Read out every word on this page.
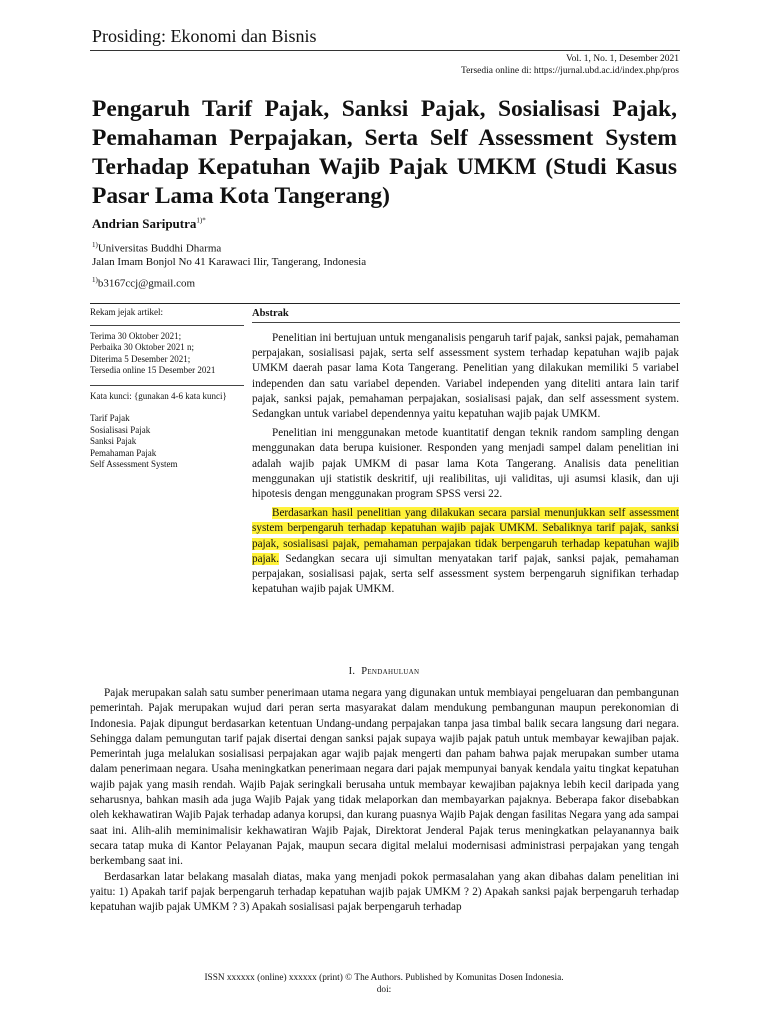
Prosiding: Ekonomi dan Bisnis
Vol. 1, No. 1, Desember 2021
Tersedia online di: https://jurnal.ubd.ac.id/index.php/pros
Pengaruh Tarif Pajak, Sanksi Pajak, Sosialisasi Pajak, Pemahaman Perpajakan, Serta Self Assessment System Terhadap Kepatuhan Wajib Pajak UMKM (Studi Kasus Pasar Lama Kota Tangerang)
Andrian Sariputra$^{1)*}$
$^{1)}$Universitas Buddhi Dharma
Jalan Imam Bonjol No 41 Karawaci Ilir, Tangerang, Indonesia
$^{1)}$b3167ccj@gmail.com

Rekam jejak artikel:

Terima 30 Oktober 2021;

Perbaika 30 Oktober 2021 n;

Diterima 5 Desember 2021;

Tersedia online 15 Desember 2021

Kata kunci: {gunakan 4-6 kata kunci}

Tarif Pajak

Sosialisasi Pajak

Sanksi Pajak

Pemahaman Pajak

Self Assessment System

Abstrak

Penelitian ini bertujuan untuk menganalisis pengaruh tarif pajak, sanksi pajak, pemahaman perpajakan, sosialisasi pajak, serta self assessment system terhadap kepatuhan wajib pajak UMKM daerah pasar lama Kota Tangerang. Penelitian yang dilakukan memiliki 5 variabel independen dan satu variabel dependen. Variabel independen yang diteliti antara lain tarif pajak, sanksi pajak, pemahaman perpajakan, sosialisasi pajak, dan self assessment system. Sedangkan untuk variabel dependennya yaitu kepatuhan wajib pajak UMKM.

Penelitian ini menggunakan metode kuantitatif dengan teknik random sampling dengan menggunakan data berupa kuisioner. Responden yang menjadi sampel dalam penelitian ini adalah wajib pajak UMKM di pasar lama Kota Tangerang. Analisis data penelitian menggunakan uji statistik deskritif, uji realibilitas, uji validitas, uji asumsi klasik, dan uji hipotesis dengan menggunakan program SPSS versi 22.

Berdasarkan hasil penelitian yang dilakukan secara parsial menunjukkan self assessment system berpengaruh terhadap kepatuhan wajib pajak UMKM. Sebaliknya tarif pajak, sanksi pajak, sosialisasi pajak, pemahaman perpajakan tidak berpengaruh terhadap kepatuhan wajib pajak. Sedangkan secara uji simultan menyatakan tarif pajak, sanksi pajak, pemahaman perpajakan, sosialisasi pajak, serta self assessment system berpengaruh signifikan terhadap kepatuhan wajib pajak UMKM.

I. Pendahuluan

Pajak merupakan salah satu sumber penerimaan utama negara yang digunakan untuk membiayai pengeluaran dan pembangunan pemerintah. Pajak merupakan wujud dari peran serta masyarakat dalam mendukung pembangunan maupun perekonomian di Indonesia. Pajak dipungut berdasarkan ketentuan Undang-undang perpajakan tanpa jasa timbal balik secara langsung dari negara. Sehingga dalam pemungutan tarif pajak disertai dengan sanksi pajak supaya wajib pajak patuh untuk membayar kewajiban pajak. Pemerintah juga melalukan sosialisasi perpajakan agar wajib pajak mengerti dan paham bahwa pajak merupakan sumber utama dalam penerimaan negara. Usaha meningkatkan penerimaan negara dari pajak mempunyai banyak kendala yaitu tingkat kepatuhan wajib pajak yang masih rendah. Wajib Pajak seringkali berusaha untuk membayar kewajiban pajaknya lebih kecil daripada yang seharusnya, bahkan masih ada juga Wajib Pajak yang tidak melaporkan dan membayarkan pajaknya. Beberapa fakor disebabkan oleh kekhawatiran Wajib Pajak terhadap adanya korupsi, dan kurang puasnya Wajib Pajak dengan fasilitas Negara yang ada sampai saat ini. Alih-alih meminimalisir kekhawatiran Wajib Pajak, Direktorat Jenderal Pajak terus meningkatkan pelayanannya baik secara tatap muka di Kantor Pelayanan Pajak, maupun secara digital melalui modernisasi administrasi perpajakan yang tengah berkembang saat ini.

Berdasarkan latar belakang masalah diatas, maka yang menjadi pokok permasalahan yang akan dibahas dalam penelitian ini yaitu: 1) Apakah tarif pajak berpengaruh terhadap kepatuhan wajib pajak UMKM ? 2) Apakah sanksi pajak berpengaruh terhadap kepatuhan wajib pajak UMKM ? 3) Apakah sosialisasi pajak berpengaruh terhadap

ISSN xxxxxx (online) xxxxxx (print) © The Authors. Published by Komunitas Dosen Indonesia.
doi:
